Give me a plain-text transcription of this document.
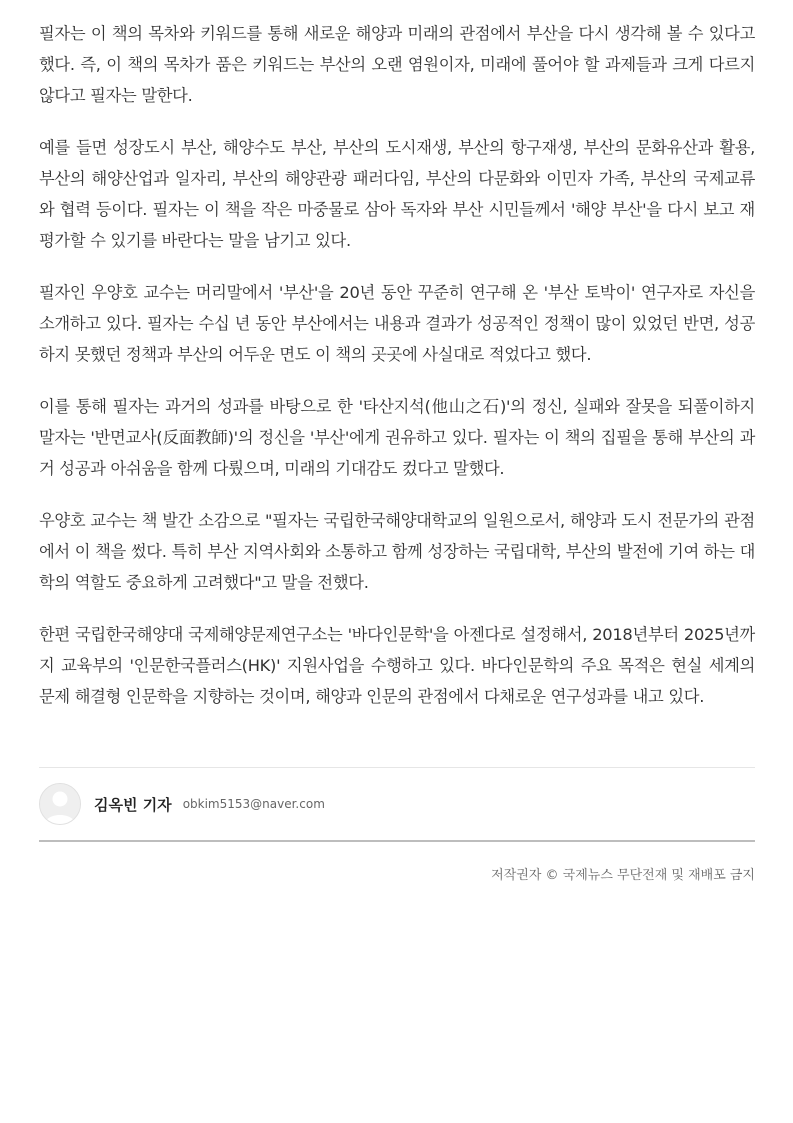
필자는 이 책의 목차와 키워드를 통해 새로운 해양과 미래의 관점에서 부산을 다시 생각해 볼 수 있다고 했다. 즉, 이 책의 목차가 품은 키워드는 부산의 오랜 염원이자, 미래에 풀어야 할 과제들과 크게 다르지 않다고 필자는 말한다.

예를 들면 성장도시 부산, 해양수도 부산, 부산의 도시재생, 부산의 항구재생, 부산의 문화유산과 활용, 부산의 해양산업과 일자리, 부산의 해양관광 패러다임, 부산의 다문화와 이민자 가족, 부산의 국제교류와 협력 등이다. 필자는 이 책을 작은 마중물로 삼아 독자와 부산 시민들께서 '해양 부산'을 다시 보고 재평가할 수 있기를 바란다는 말을 남기고 있다.

필자인 우양호 교수는 머리말에서 '부산'을 20년 동안 꾸준히 연구해 온 '부산 토박이' 연구자로 자신을 소개하고 있다. 필자는 수십 년 동안 부산에서는 내용과 결과가 성공적인 정책이 많이 있었던 반면, 성공하지 못했던 정책과 부산의 어두운 면도 이 책의 곳곳에 사실대로 적었다고 했다.

이를 통해 필자는 과거의 성과를 바탕으로 한 '타산지석(他山之石)'의 정신, 실패와 잘못을 되풀이하지 말자는 '반면교사(反面教師)'의 정신을 '부산'에게 권유하고 있다. 필자는 이 책의 집필을 통해 부산의 과거 성공과 아쉬움을 함께 다뤘으며, 미래의 기대감도 컸다고 말했다.

우양호 교수는 책 발간 소감으로 "필자는 국립한국해양대학교의 일원으로서, 해양과 도시 전문가의 관점에서 이 책을 썼다. 특히 부산 지역사회와 소통하고 함께 성장하는 국립대학, 부산의 발전에 기여 하는 대학의 역할도 중요하게 고려했다"고 말을 전했다.

한편 국립한국해양대 국제해양문제연구소는 '바다인문학'을 아젠다로 설정해서, 2018년부터 2025년까지 교육부의 '인문한국플러스(HK)' 지원사업을 수행하고 있다. 바다인문학의 주요 목적은 현실 세계의 문제 해결형 인문학을 지향하는 것이며, 해양과 인문의 관점에서 다채로운 연구성과를 내고 있다.

김옥빈 기자 obkim5153@naver.com
저작권자 © 국제뉴스 무단전재 및 재배포 금지
